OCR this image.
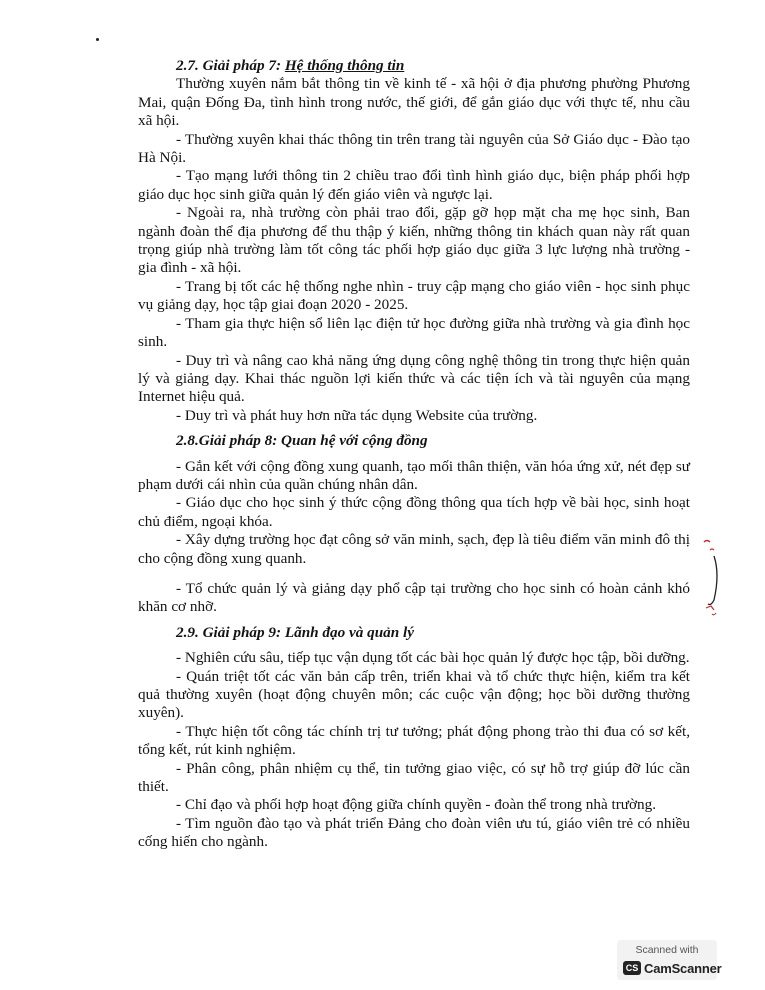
2.7. Giải pháp 7: Hệ thống thông tin

Thường xuyên nắm bắt thông tin về kinh tế - xã hội ở địa phương phường Phương Mai, quận Đống Đa, tình hình trong nước, thế giới, để gắn giáo dục với thực tế, nhu cầu xã hội.

- Thường xuyên khai thác thông tin trên trang tài nguyên của Sở Giáo dục - Đào tạo Hà Nội.

- Tạo mạng lưới thông tin 2 chiều trao đổi tình hình giáo dục, biện pháp phối hợp giáo dục học sinh giữa quản lý đến giáo viên và ngược lại.

- Ngoài ra, nhà trường còn phải trao đổi, gặp gỡ họp mặt cha mẹ học sinh, Ban ngành đoàn thể địa phương để thu thập ý kiến, những thông tin khách quan này rất quan trọng giúp nhà trường làm tốt công tác phối hợp giáo dục giữa 3 lực lượng nhà trường - gia đình - xã hội.

- Trang bị tốt các hệ thống nghe nhìn - truy cập mạng cho giáo viên - học sinh phục vụ giảng dạy, học tập giai đoạn 2020 - 2025.

- Tham gia thực hiện sổ liên lạc điện tử học đường giữa nhà trường và gia đình học sinh.

- Duy trì và nâng cao khả năng ứng dụng công nghệ thông tin trong thực hiện quản lý và giảng dạy. Khai thác nguồn lợi kiến thức và các tiện ích và tài nguyên của mạng Internet hiệu quả.

- Duy trì và phát huy hơn nữa tác dụng Website của trường.

2.8.Giải pháp 8: Quan hệ với cộng đồng

- Gắn kết với cộng đồng xung quanh, tạo mối thân thiện, văn hóa ứng xử, nét đẹp sư phạm dưới cái nhìn của quần chúng nhân dân.

- Giáo dục cho học sinh ý thức cộng đồng thông qua tích hợp về bài học, sinh hoạt chủ điểm, ngoại khóa.

- Xây dựng trường học đạt công sở văn minh, sạch, đẹp là tiêu điểm văn minh đô thị cho cộng đồng xung quanh.

- Tổ chức quản lý và giảng dạy phổ cập tại trường cho học sinh có hoàn cảnh khó khăn cơ nhỡ.

2.9. Giải pháp 9: Lãnh đạo và quản lý

- Nghiên cứu sâu, tiếp tục vận dụng tốt các bài học quản lý được học tập, bồi dưỡng.

- Quán triệt tốt các văn bản cấp trên, triển khai và tổ chức thực hiện, kiểm tra kết quả thường xuyên (hoạt động chuyên môn; các cuộc vận động; học bồi dưỡng thường xuyên).

- Thực hiện tốt công tác chính trị tư tưởng; phát động phong trào thi đua có sơ kết, tổng kết, rút kinh nghiệm.

- Phân công, phân nhiệm cụ thể, tin tưởng giao việc, có sự hỗ trợ giúp đỡ lúc cần thiết.

- Chỉ đạo và phối hợp hoạt động giữa chính quyền - đoàn thể trong nhà trường.

- Tìm nguồn đào tạo và phát triển Đảng cho đoàn viên ưu tú, giáo viên trẻ có nhiều cống hiến cho ngành.

Scanned with
CS CamScanner
